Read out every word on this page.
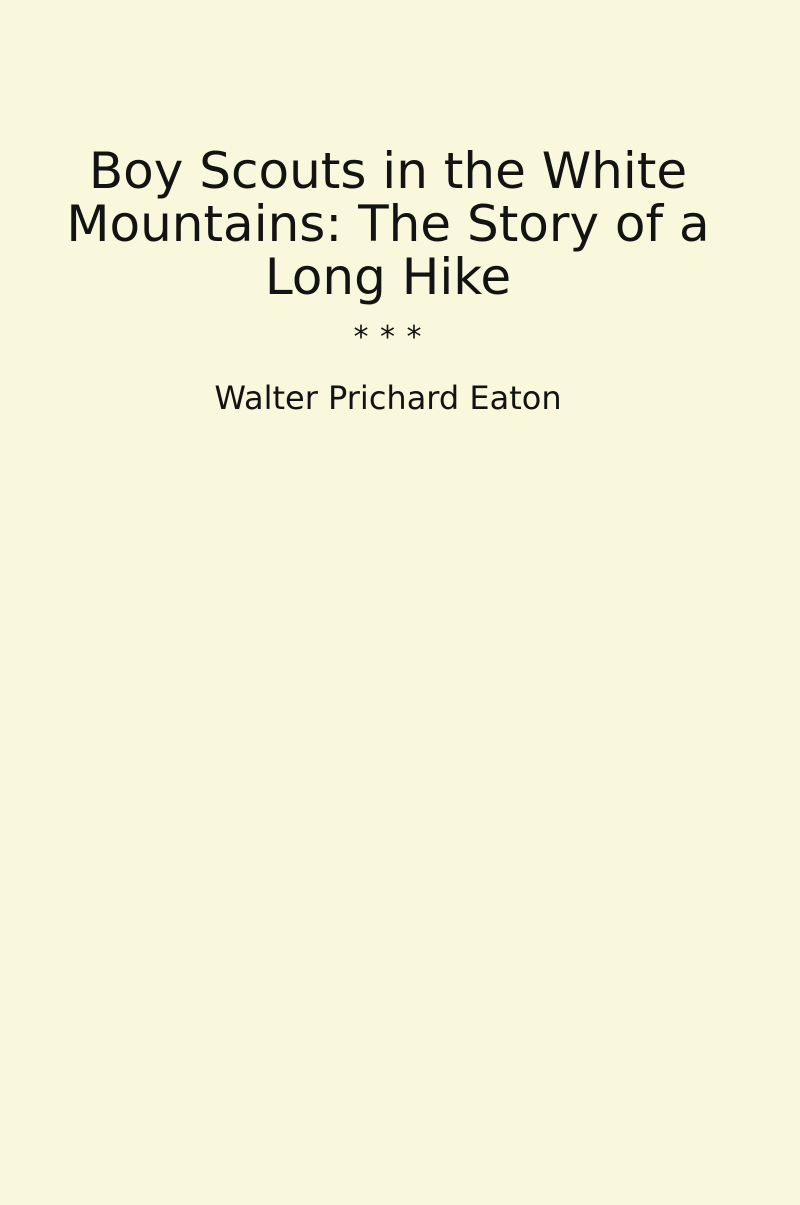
Boy Scouts in the White
Mountains: The Story of a
Long Hike
* * *
Walter Prichard Eaton
